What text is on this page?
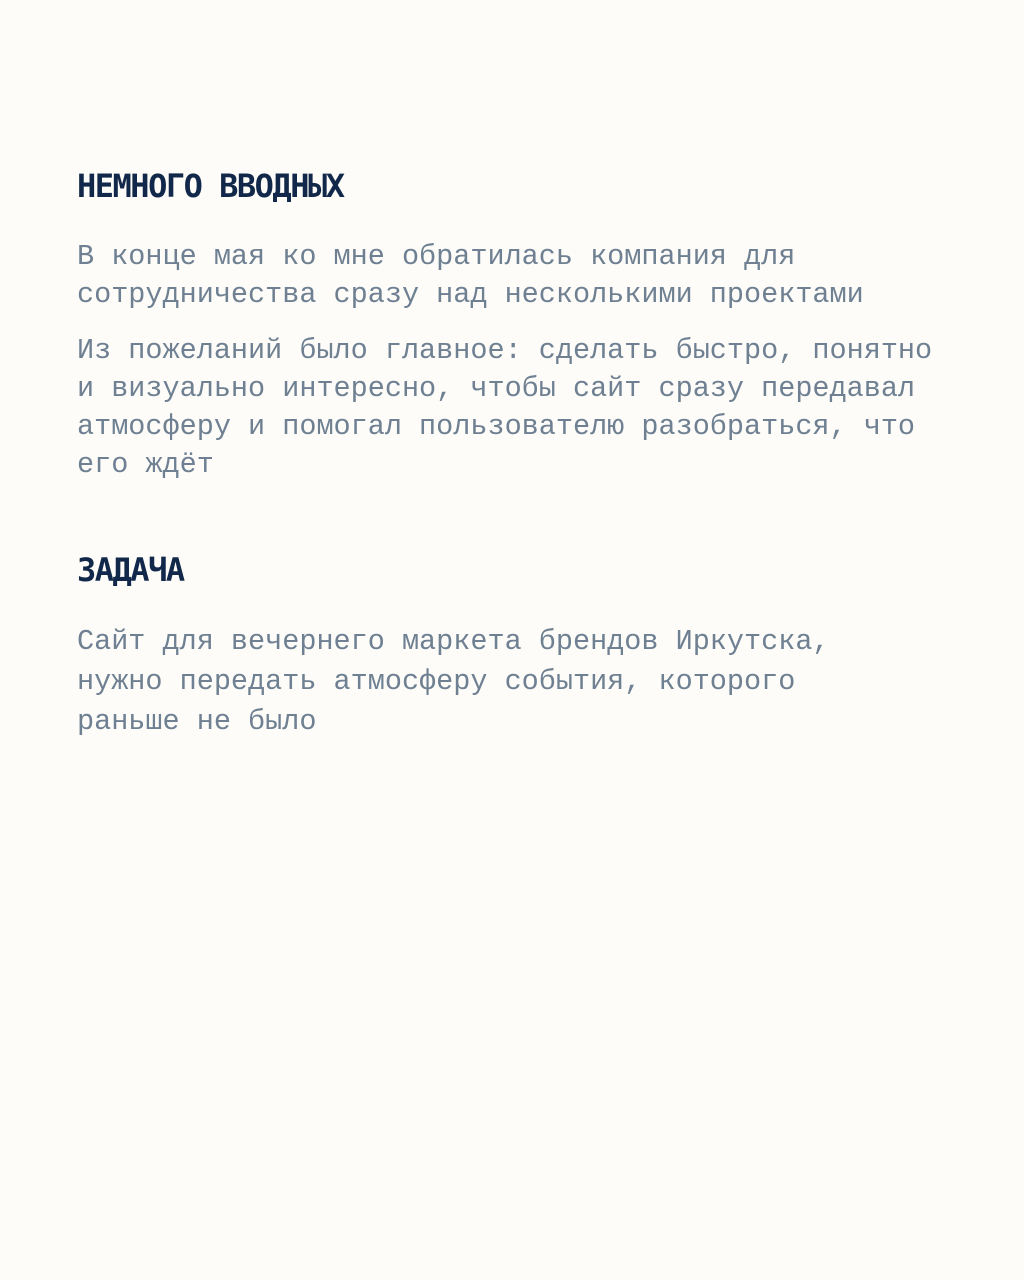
НЕМНОГО ВВОДНЫХ

В конце мая ко мне обратилась компания для
сотрудничества сразу над несколькими проектами

Из пожеланий было главное: сделать быстро, понятно
и визуально интересно, чтобы сайт сразу передавал
атмосферу и помогал пользователю разобраться, что
его ждёт

ЗАДАЧА

Сайт для вечернего маркета брендов Иркутска,
нужно передать атмосферу события, которого
раньше не было
